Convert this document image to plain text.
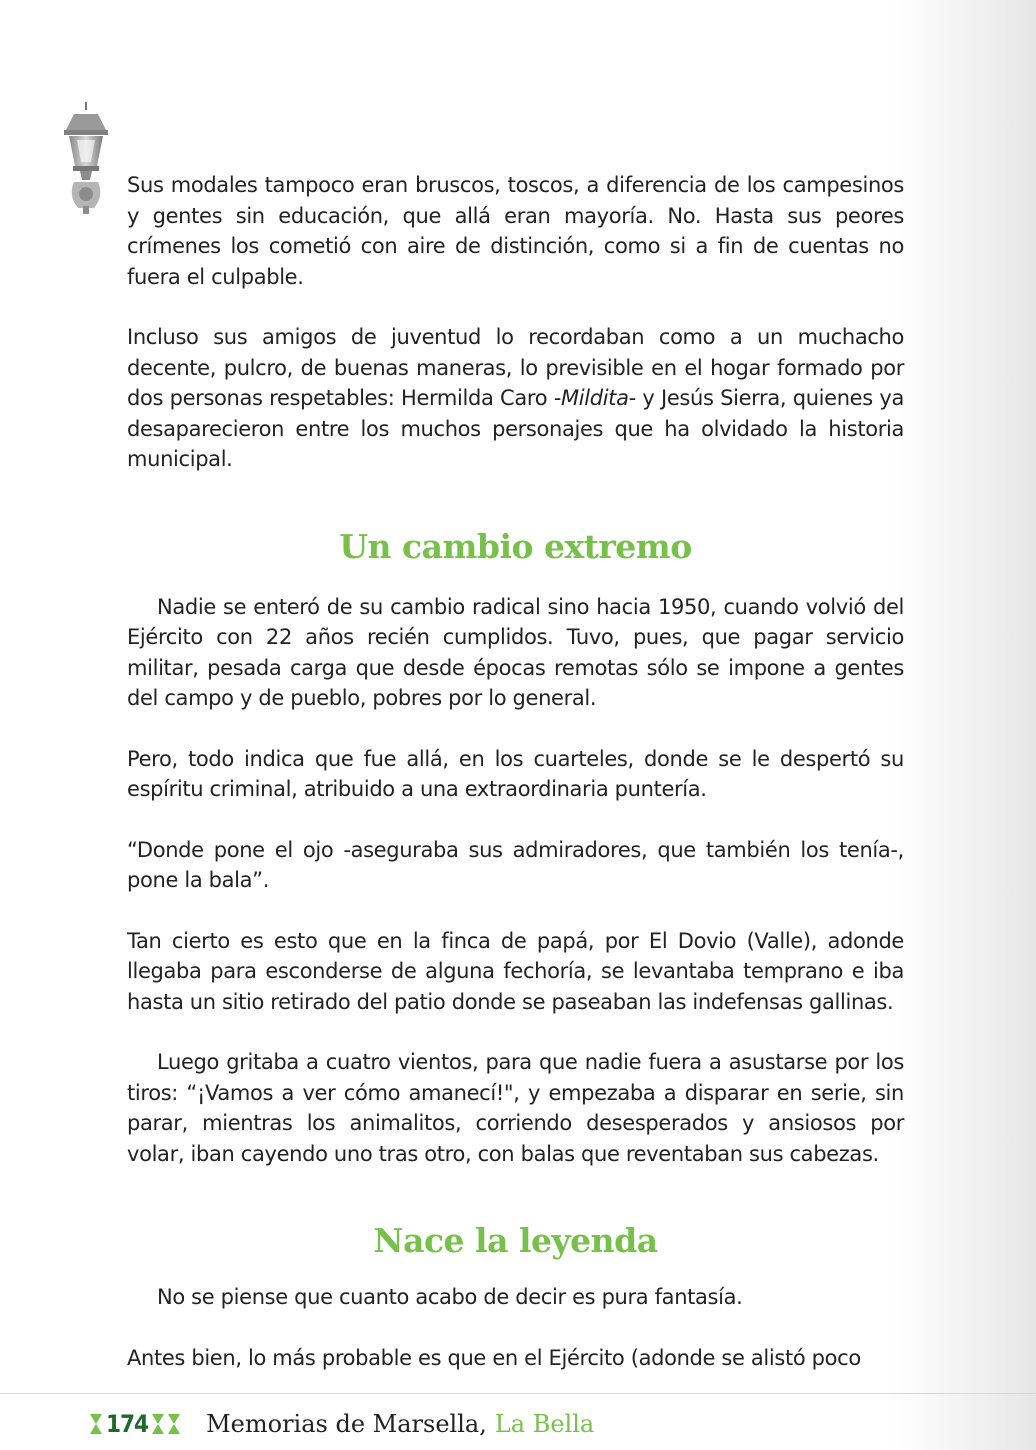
Sus modales tampoco eran bruscos, toscos, a diferencia de los campesinos y gentes sin educación, que allá eran mayoría. No. Hasta sus peores crímenes los cometió con aire de distinción, como si a fin de cuentas no fuera el culpable.

Incluso sus amigos de juventud lo recordaban como a un muchacho decente, pulcro, de buenas maneras, lo previsible en el hogar formado por dos personas respetables: Hermilda Caro -Mildita- y Jesús Sierra, quienes ya desaparecieron entre los muchos personajes que ha olvidado la historia municipal.

Un cambio extremo

Nadie se enteró de su cambio radical sino hacia 1950, cuando volvió del Ejército con 22 años recién cumplidos. Tuvo, pues, que pagar servicio militar, pesada carga que desde épocas remotas sólo se impone a gentes del campo y de pueblo, pobres por lo general.

Pero, todo indica que fue allá, en los cuarteles, donde se le despertó su espíritu criminal, atribuido a una extraordinaria puntería.

“Donde pone el ojo -aseguraba sus admiradores, que también los tenía-, pone la bala”.

Tan cierto es esto que en la finca de papá, por El Dovio (Valle), adonde llegaba para esconderse de alguna fechoría, se levantaba temprano e iba hasta un sitio retirado del patio donde se paseaban las indefensas gallinas.

Luego gritaba a cuatro vientos, para que nadie fuera a asustarse por los tiros: “¡Vamos a ver cómo amanecí!", y empezaba a disparar en serie, sin parar, mientras los animalitos, corriendo desesperados y ansiosos por volar, iban cayendo uno tras otro, con balas que reventaban sus cabezas.

Nace la leyenda

No se piense que cuanto acabo de decir es pura fantasía.

Antes bien, lo más probable es que en el Ejército (adonde se alistó poco

174 Memorias de Marsella, La Bella
